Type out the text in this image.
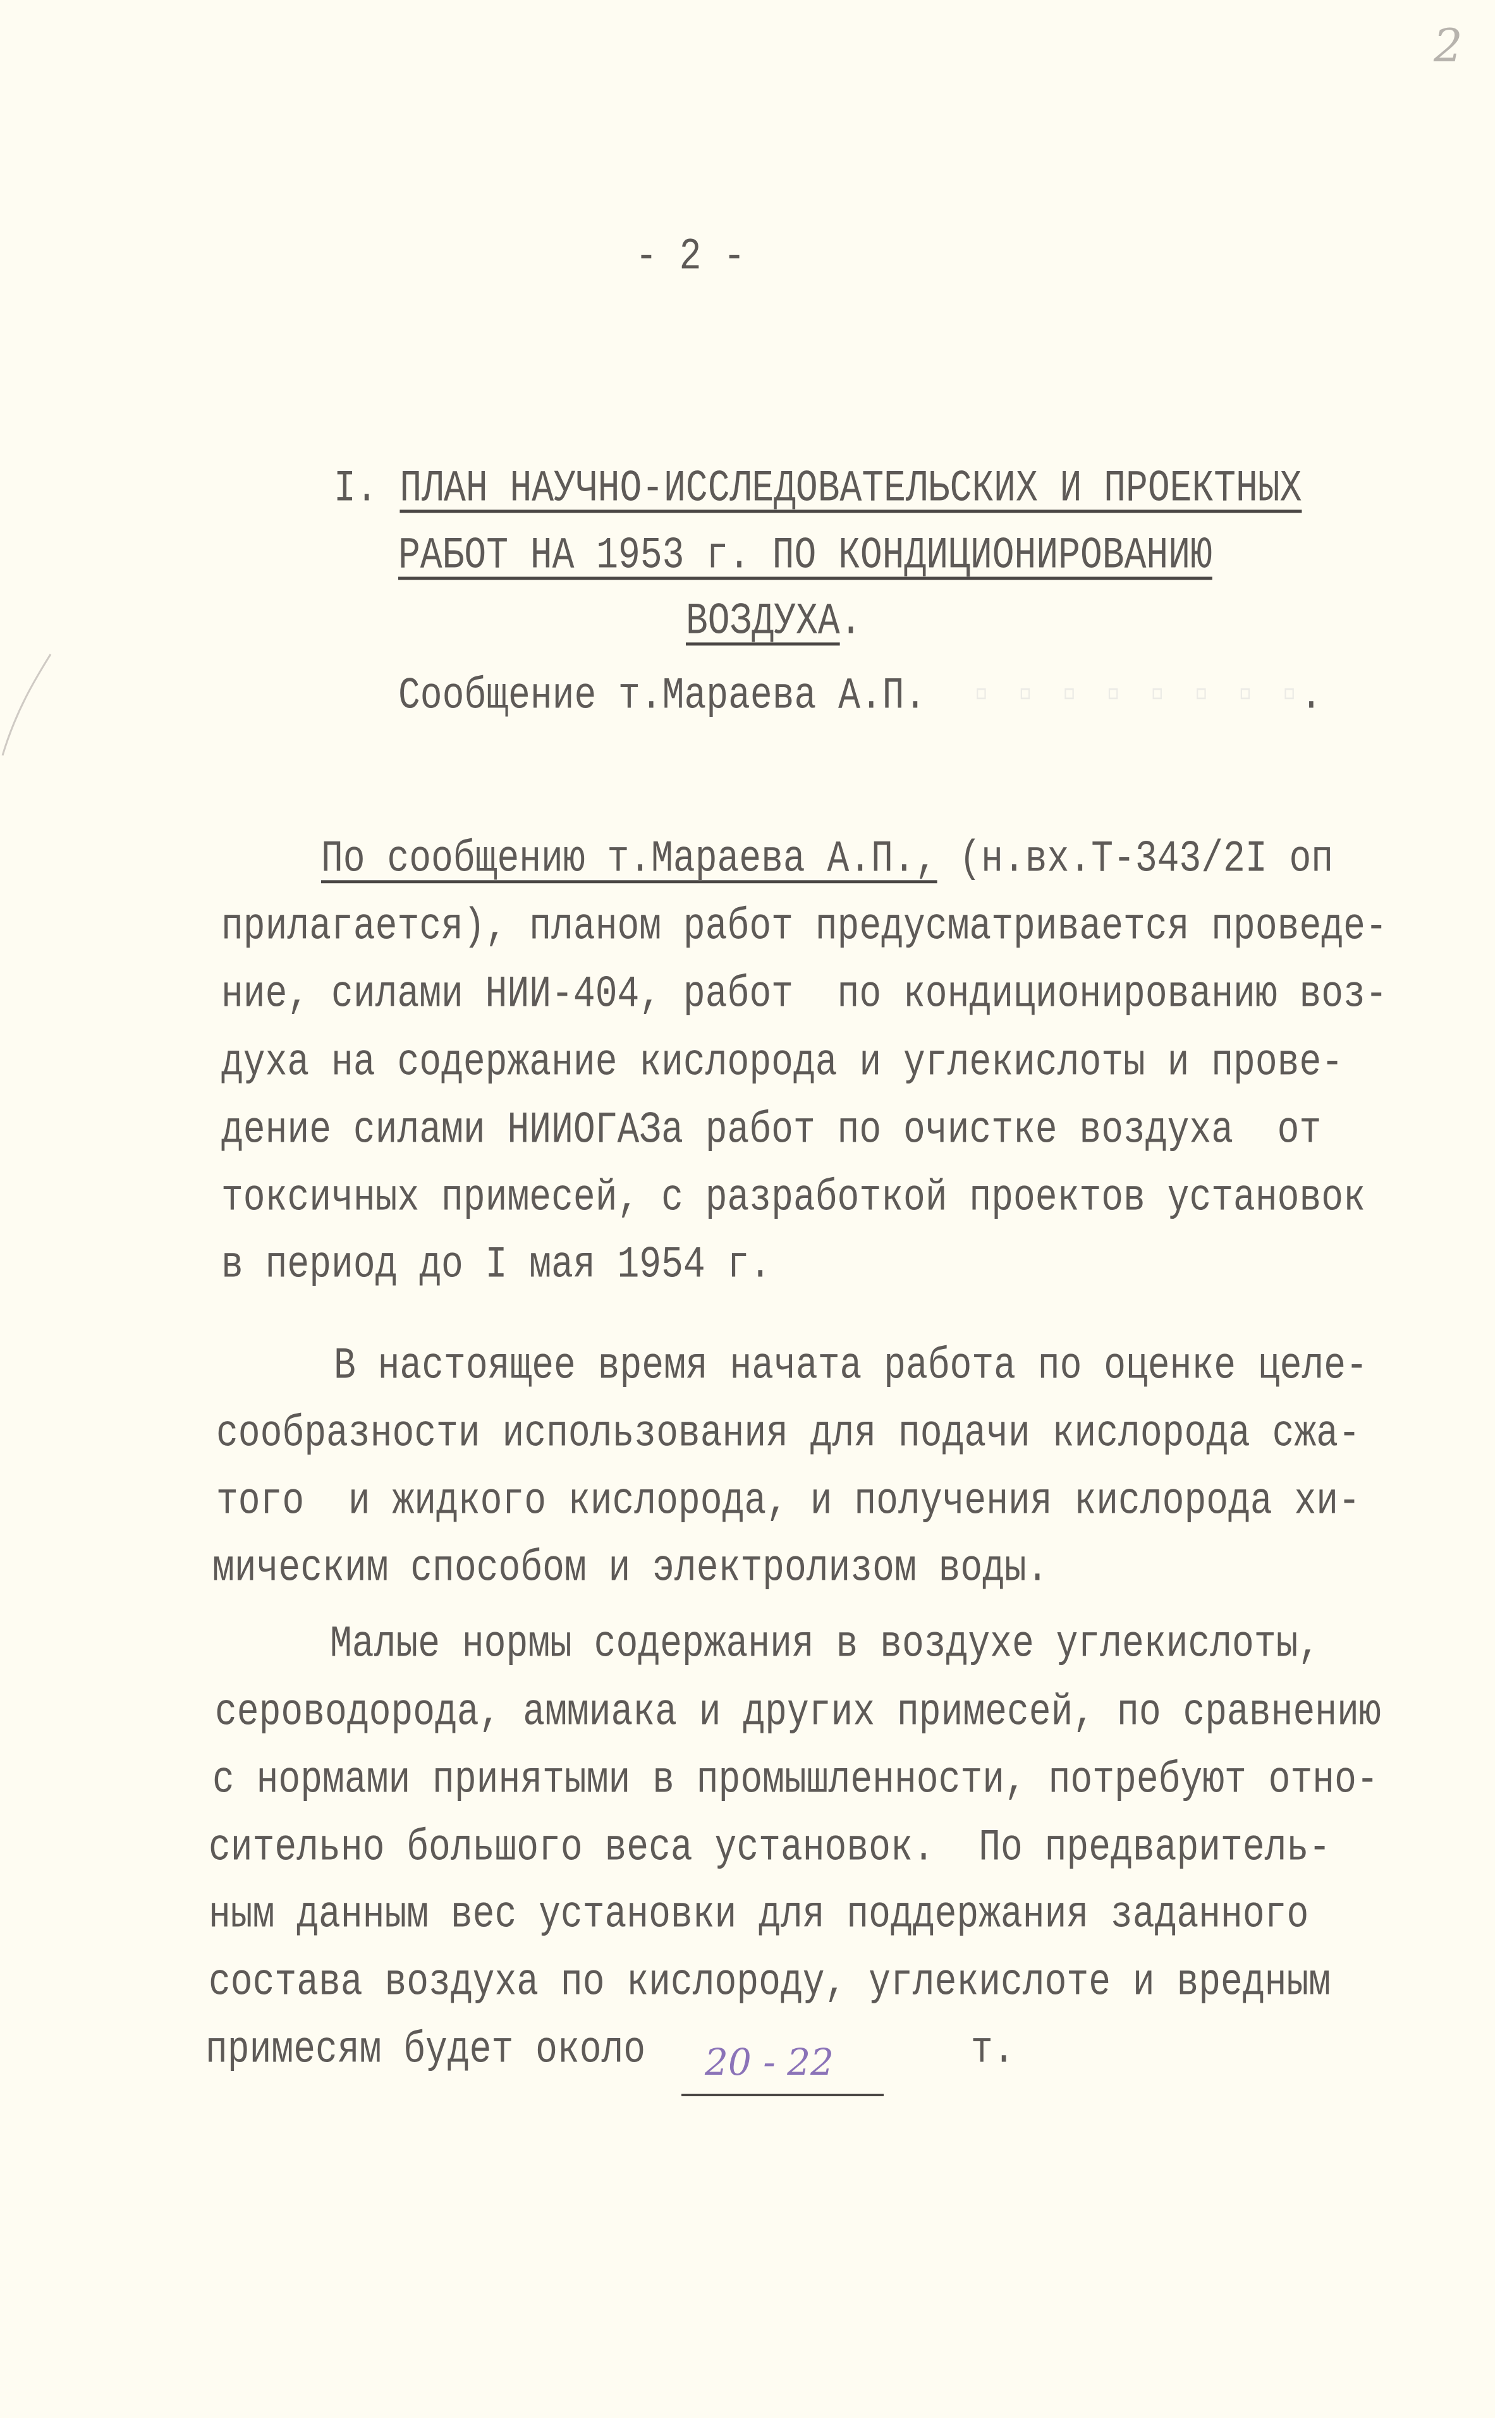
2
- 2 -
I. ПЛАН НАУЧНО-ИССЛЕДОВАТЕЛЬСКИХ И ПРОЕКТНЫХ
РАБОТ НА 1953 г. ПО КОНДИЦИОНИРОВАНИЮ
ВОЗДУХА.
Сообщение т.Мараева А.П.  ▫ ▫ ▫ ▫ ▫ ▫ ▫ ▫.
По сообщению т.Мараева А.П., (н.вх.Т-343/2I оп
прилагается), планом работ предусматривается проведе-
ние, силами НИИ-404, работ  по кондиционированию воз-
духа на содержание кислорода и углекислоты и прове-
дение силами НИИОГАЗа работ по очистке воздуха  от
токсичных примесей, с разработкой проектов установок
в период до I мая 1954 г.
В настоящее время начата работа по оценке целе-
сообразности использования для подачи кислорода сжа-
того  и жидкого кислорода, и получения кислорода хи-
мическим способом и электролизом воды.
Малые нормы содержания в воздухе углекислоты,
сероводорода, аммиака и других примесей, по сравнению
с нормами принятыми в промышленности, потребуют отно-
сительно большого веса установок.  По предваритель-
ным данным вес установки для поддержания заданного
состава воздуха по кислороду, углекислоте и вредным
примесям будет около	т.
20 - 22
